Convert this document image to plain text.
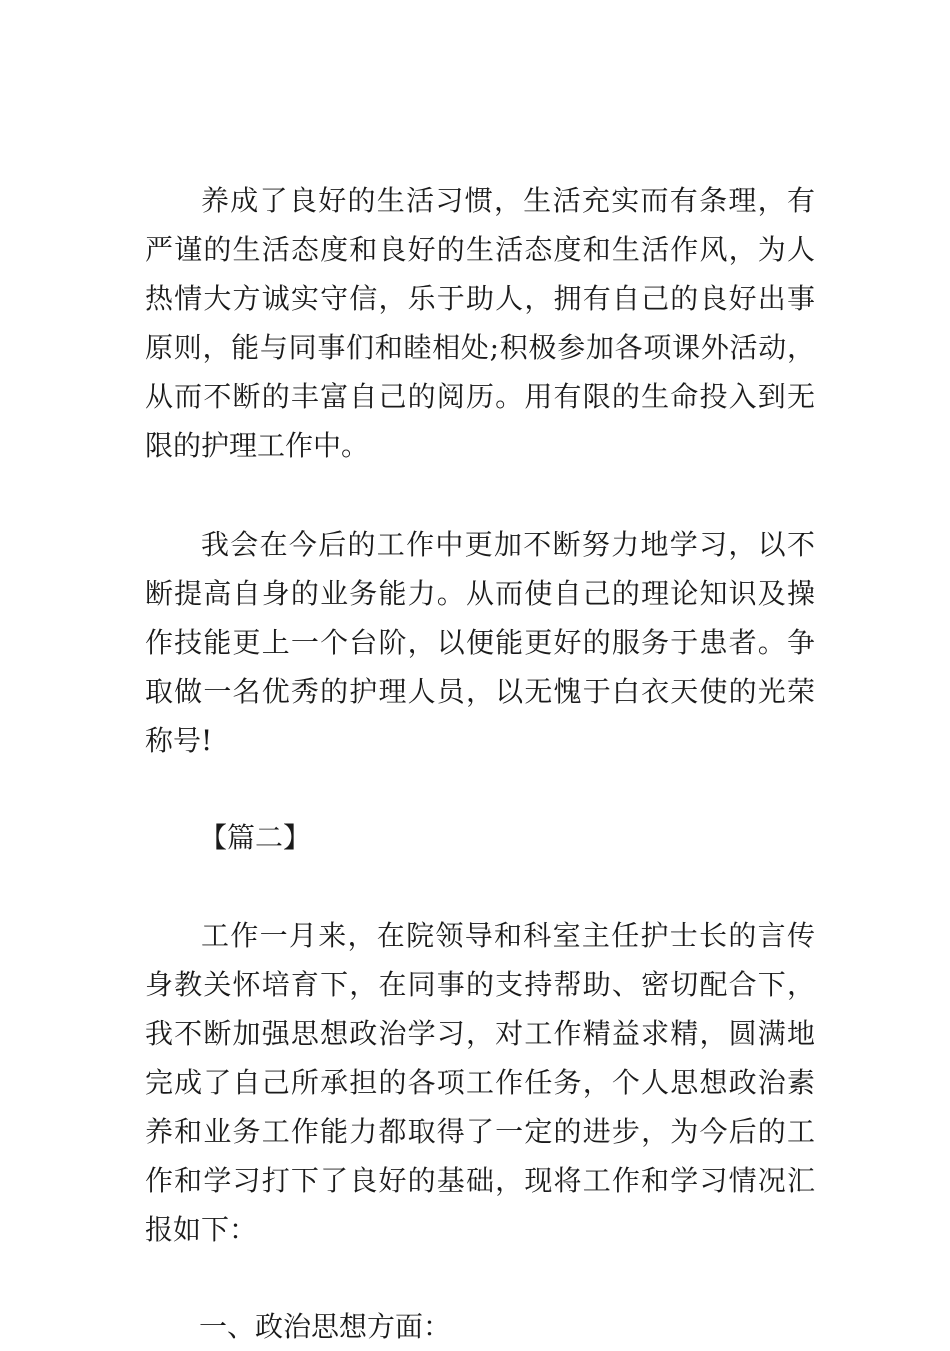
养成了良好的生活习惯，生活充实而有条理，有严谨的生活态度和良好的生活态度和生活作风，为人热情大方诚实守信，乐于助人，拥有自己的良好出事原则，能与同事们和睦相处;积极参加各项课外活动，从而不断的丰富自己的阅历。用有限的生命投入到无限的护理工作中。

我会在今后的工作中更加不断努力地学习，以不断提高自身的业务能力。从而使自己的理论知识及操作技能更上一个台阶，以便能更好的服务于患者。争取做一名优秀的护理人员，以无愧于白衣天使的光荣称号!

【篇二】

工作一月来，在院领导和科室主任护士长的言传身教关怀培育下，在同事的支持帮助、密切配合下，我不断加强思想政治学习，对工作精益求精，圆满地完成了自己所承担的各项工作任务，个人思想政治素养和业务工作能力都取得了一定的进步，为今后的工作和学习打下了良好的基础，现将工作和学习情况汇报如下：

一、政治思想方面：
